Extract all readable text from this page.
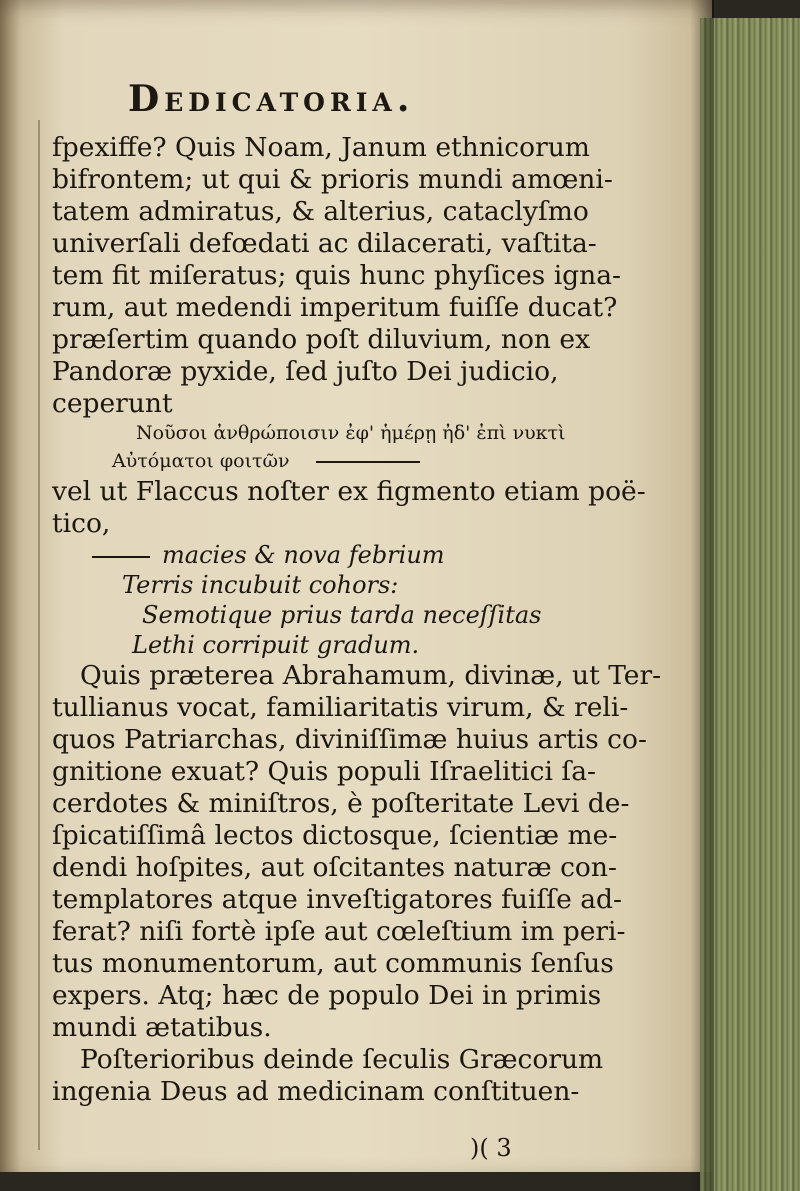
Dedicatoria.
fpexiffe? Quis Noam, Janum ethnicorum
bifrontem; ut qui & prioris mundi amœni-
tatem admiratus, & alterius, cataclyſmo
univerſali defœdati ac dilacerati, vaſtita-
tem fit miſeratus; quis hunc phyſices igna-
rum, aut medendi imperitum fuiſſe ducat?
præſertim quando poſt diluvium, non ex
Pandoræ pyxide, ſed juſto Dei judicio,
ceperunt
Νοῦσοι ἀνθρώποισιν ἐφ' ἡμέρῃ ἠδ' ἐπὶ νυκτὶ
Αὐτόματοι φοιτῶν
vel ut Flaccus noſter ex figmento etiam poë-
tico,
macies & nova febrium
Terris incubuit cohors:
Semotique prius tarda neceſſitas
Lethi corripuit gradum.
Quis præterea Abrahamum, divinæ, ut Ter-
tullianus vocat, familiaritatis virum, & reli-
quos Patriarchas, diviniſſimæ huius artis co-
gnitione exuat? Quis populi Iſraelitici ſa-
cerdotes & miniſtros, è poſteritate Levi de-
ſpicatiſſimâ lectos dictosque, ſcientiæ me-
dendi hoſpites, aut oſcitantes naturæ con-
templatores atque inveſtigatores fuiſſe ad-
ferat? niſi fortè ipſe aut cœleſtium im peri-
tus monumentorum, aut communis ſenſus
expers. Atq; hæc de populo Dei in primis
mundi ætatibus.
Poſterioribus deinde ſeculis Græcorum
ingenia Deus ad medicinam conſtituen-
)( 3
